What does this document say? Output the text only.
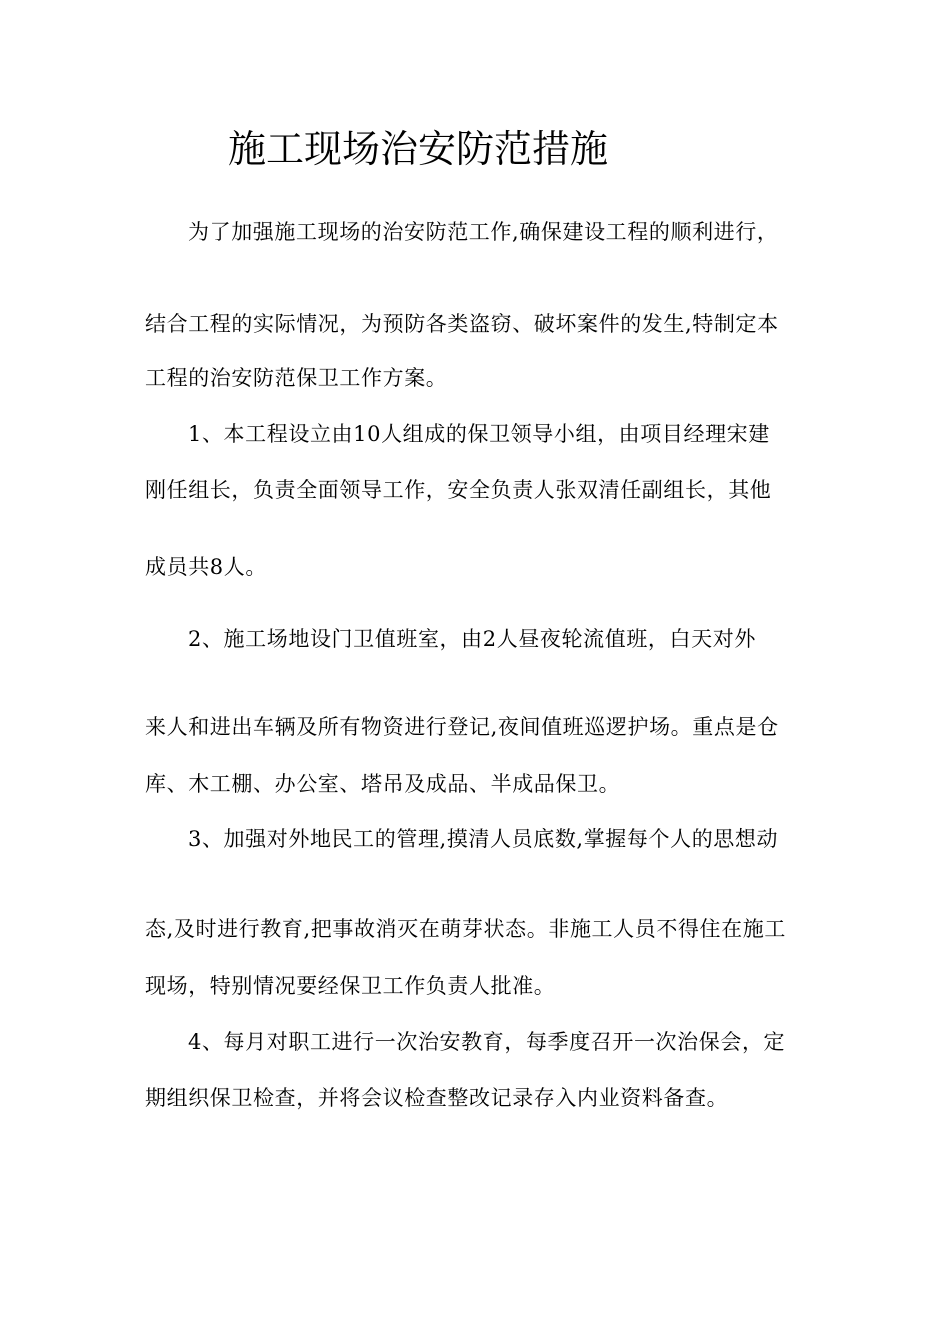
施工现场治安防范措施
为了加强施工现场的治安防范工作,确保建设工程的顺利进行，
结合工程的实际情况，为预防各类盗窃、破坏案件的发生,特制定本
工程的治安防范保卫工作方案。
1、本工程设立由10人组成的保卫领导小组，由项目经理宋建
刚任组长，负责全面领导工作，安全负责人张双清任副组长，其他
成员共8人。
2、施工场地设门卫值班室，由2人昼夜轮流值班，白天对外
来人和进出车辆及所有物资进行登记,夜间值班巡逻护场。重点是仓
库、木工棚、办公室、塔吊及成品、半成品保卫。
3、加强对外地民工的管理,摸清人员底数,掌握每个人的思想动
态,及时进行教育,把事故消灭在萌芽状态。非施工人员不得住在施工
现场，特别情况要经保卫工作负责人批准。
4、每月对职工进行一次治安教育，每季度召开一次治保会，定
期组织保卫检查，并将会议检查整改记录存入内业资料备查。
